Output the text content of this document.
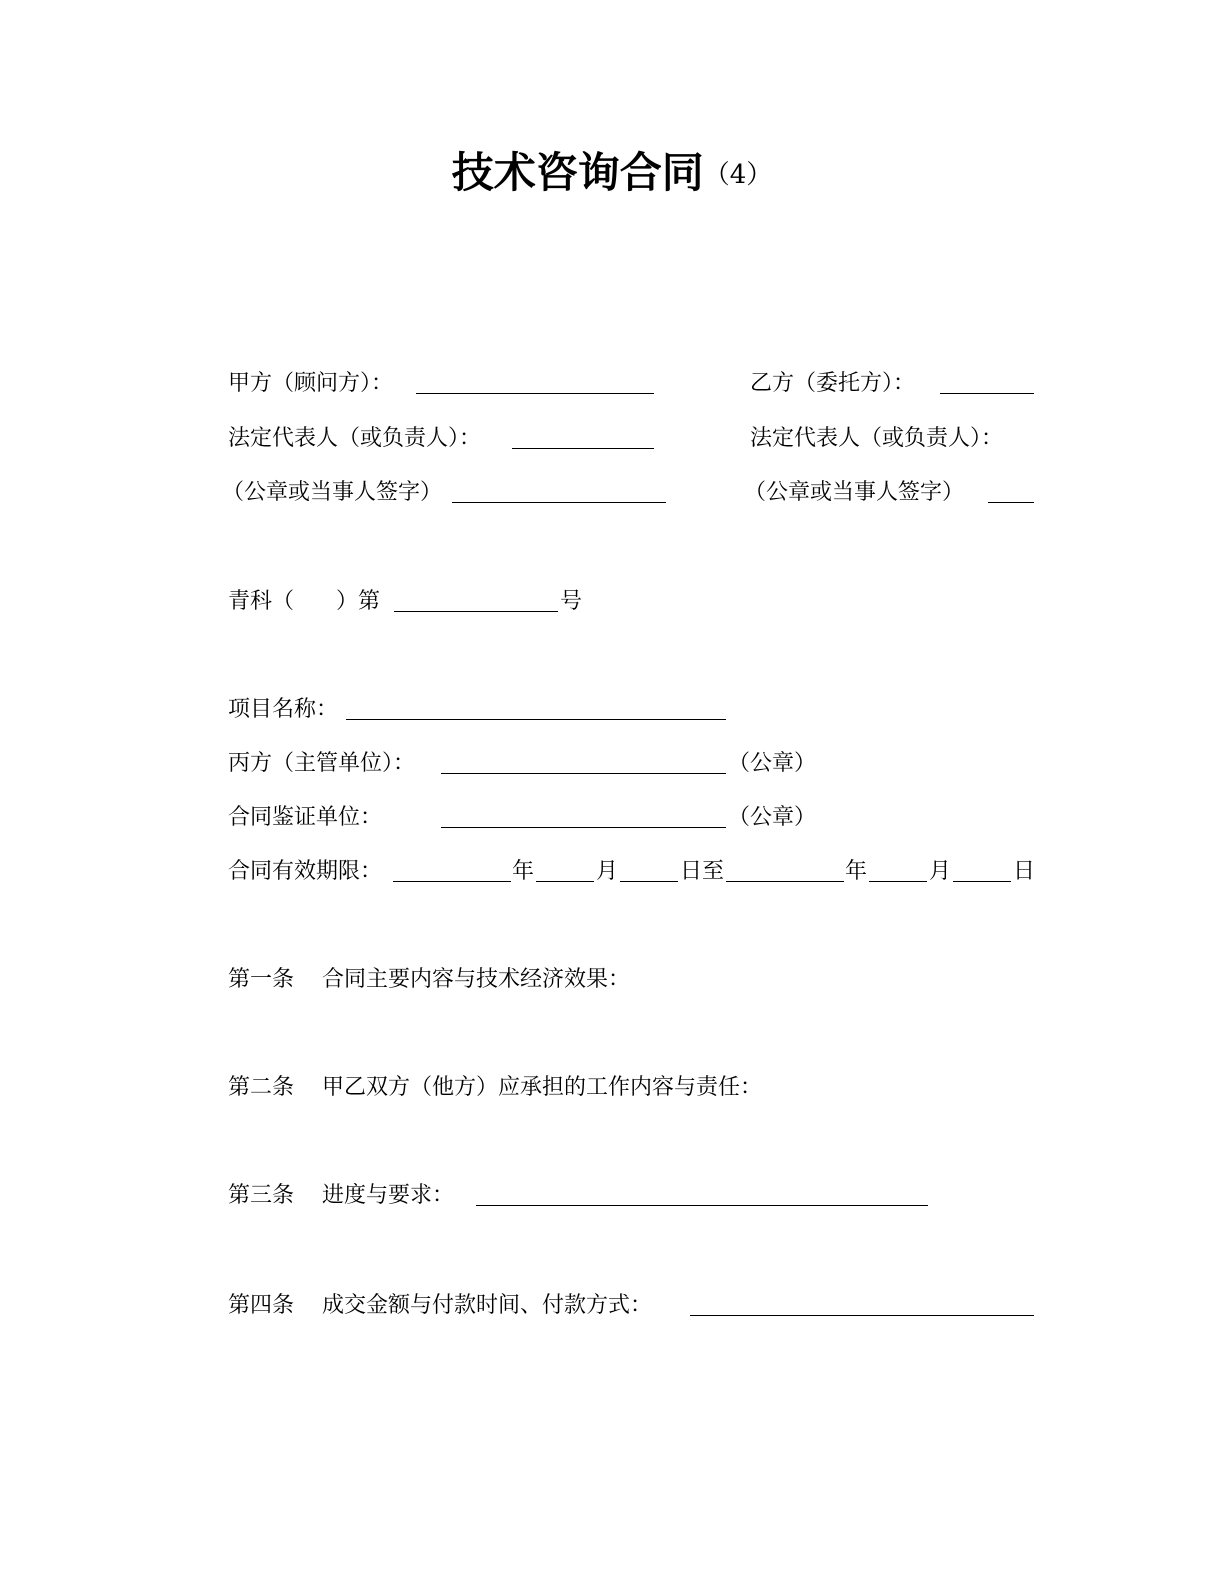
技术咨询合同（4）
甲方（顾问方）：	乙方（委托方）：
法定代表人（或负责人）：	法定代表人（或负责人）：
（公章或当事人签字）	（公章或当事人签字）
青科（ ）第	号
项目名称：
丙方（主管单位）：	（公章）
合同鉴证单位：	（公章）
合同有效期限：	年	月	日至	年	月	日
第一条 合同主要内容与技术经济效果：
第二条 甲乙双方（他方）应承担的工作内容与责任：
第三条 进度与要求：
第四条 成交金额与付款时间、付款方式：
